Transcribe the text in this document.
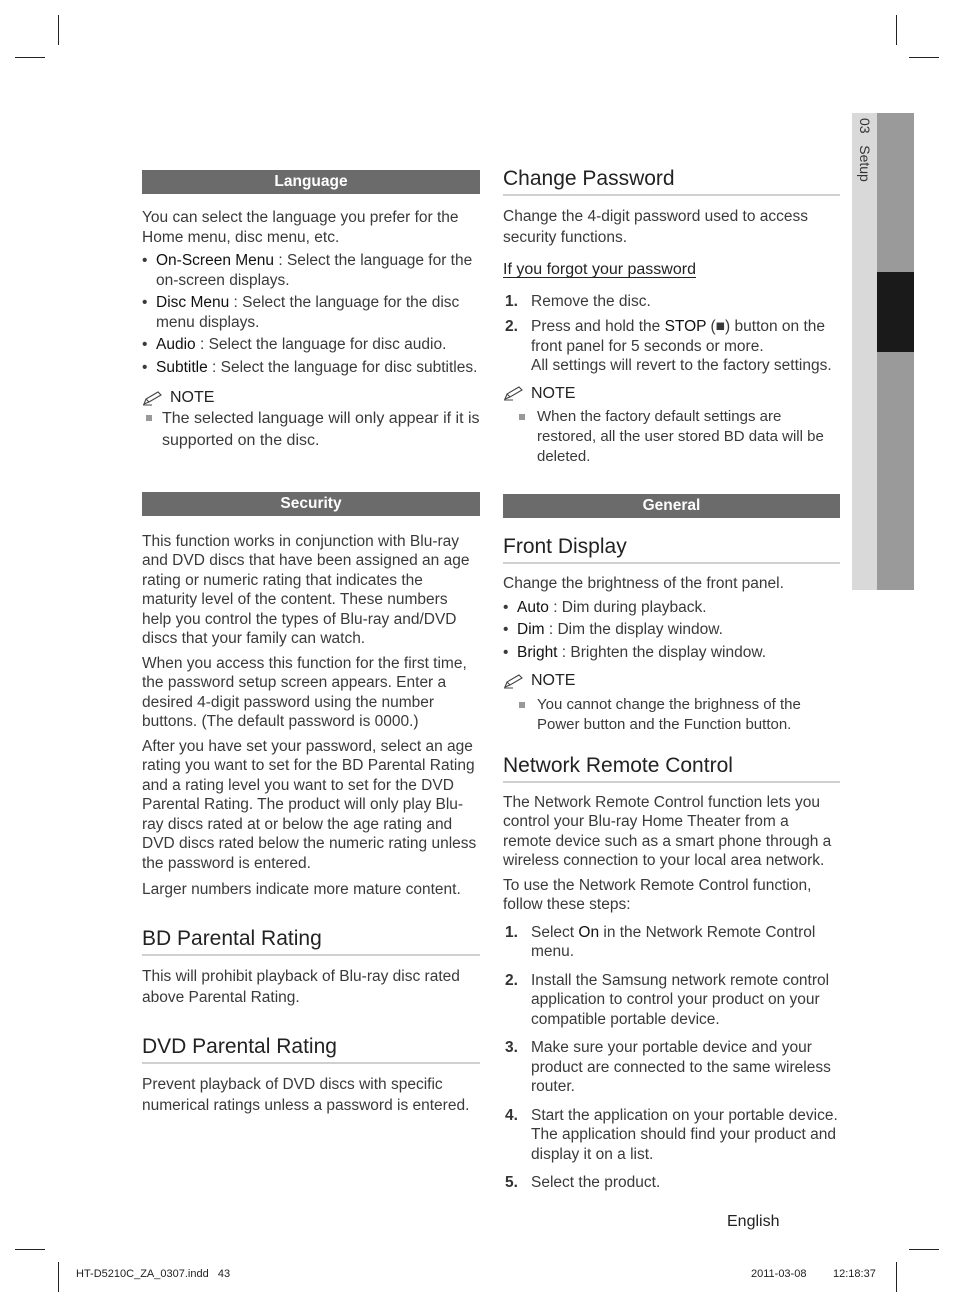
03   Setup
Language

You can select the language you prefer for the Home menu, disc menu, etc.

• On-Screen Menu : Select the language for the on-screen displays.
• Disc Menu : Select the language for the disc menu displays.
• Audio : Select the language for disc audio.
• Subtitle : Select the language for disc subtitles.
NOTE
The selected language will only appear if it is supported on the disc.
Security

This function works in conjunction with Blu-ray and DVD discs that have been assigned an age rating or numeric rating that indicates the maturity level of the content. These numbers help you control the types of Blu-ray and/DVD discs that your family can watch.

When you access this function for the first time, the password setup screen appears. Enter a desired 4-digit password using the number buttons. (The default password is 0000.)

After you have set your password, select an age rating you want to set for the BD Parental Rating and a rating level you want to set for the DVD Parental Rating. The product will only play Blu-ray discs rated at or below the age rating and DVD discs rated below the numeric rating unless the password is entered.

Larger numbers indicate more mature content.

BD Parental Rating

This will prohibit playback of Blu-ray disc rated above Parental Rating.

DVD Parental Rating

Prevent playback of DVD discs with specific numerical ratings unless a password is entered.

Change Password

Change the 4-digit password used to access security functions.

If you forgot your password
1. Remove the disc.
2. Press and hold the STOP (■) button on the front panel for 5 seconds or more.
All settings will revert to the factory settings.
NOTE
When the factory default settings are restored, all the user stored BD data will be deleted.
General
Front Display

Change the brightness of the front panel.

• Auto : Dim during playback.
• Dim : Dim the display window.
• Bright : Brighten the display window.
NOTE
You cannot change the brighness of the Power button and the Function button.
Network Remote Control

The Network Remote Control function lets you control your Blu-ray Home Theater from a remote device such as a smart phone through a wireless connection to your local area network.

To use the Network Remote Control function, follow these steps:

1. Select On in the Network Remote Control menu.
2. Install the Samsung network remote control application to control your product on your compatible portable device.
3. Make sure your portable device and your product are connected to the same wireless router.
4. Start the application on your portable device. The application should find your product and display it on a list.
5. Select the product.
English
HT-D5210C_ZA_0307.indd   43	2011-03-08 12:18:37
